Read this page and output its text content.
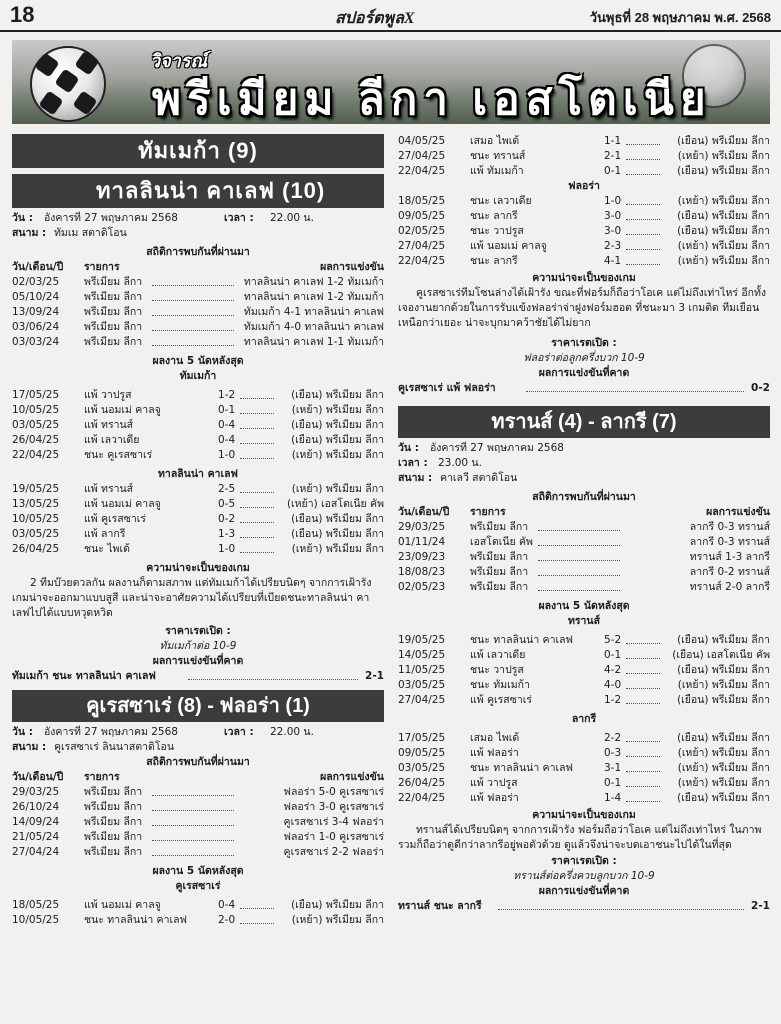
18	สปอร์ตพูลX	วันพุธที่ 28 พฤษภาคม พ.ศ. 2568
วิจารณ์
พรีเมียม ลีกา เอสโตเนีย
ทัมเมก้า (9)
ทาลลินน่า คาเลฟ (10)
วัน : อังคารที่ 27 พฤษภาคม 2568	เวลา : 22.00 น.
สนาม : ทัมเม สตาดิโอน
สถิติการพบกันที่ผ่านมา
วัน/เดือน/ปี รายการ	ผลการแข่งขัน
02/03/25 พรีเมียม ลีกา	ทาลลินน่า คาเลฟ 1-2 ทัมเมก้า
05/10/24 พรีเมียม ลีกา	ทาลลินน่า คาเลฟ 1-2 ทัมเมก้า
13/09/24 พรีเมียม ลีกา	ทัมเมก้า 4-1 ทาลลินน่า คาเลฟ
03/06/24 พรีเมียม ลีกา	ทัมเมก้า 4-0 ทาลลินน่า คาเลฟ
03/03/24 พรีเมียม ลีกา	ทาลลินน่า คาเลฟ 1-1 ทัมเมก้า
ผลงาน 5 นัดหลังสุด
ทัมเมก้า
17/05/25 แพ้ วาปรูส	1-2	(เยือน) พรีเมียม ลีกา
10/05/25 แพ้ นอมเม่ คาลจู	0-1	(เหย้า) พรีเมียม ลีกา
03/05/25 แพ้ ทรานส์	0-4	(เยือน) พรีเมียม ลีกา
26/04/25 แพ้ เลวาเดีย	0-4	(เยือน) พรีเมียม ลีกา
22/04/25 ชนะ คูเรสซาเร่	1-0	(เหย้า) พรีเมียม ลีกา
ทาลลินน่า คาเลฟ
19/05/25 แพ้ ทรานส์	2-5	(เหย้า) พรีเมียม ลีกา
13/05/25 แพ้ นอมเม่ คาลจู	0-5	(เหย้า) เอสโตเนีย คัพ
10/05/25 แพ้ คูเรสซาเร่	0-2	(เยือน) พรีเมียม ลีกา
03/05/25 แพ้ ลากรี	1-3	(เยือน) พรีเมียม ลีกา
26/04/25 ชนะ ไพเด้	1-0	(เหย้า) พรีเมียม ลีกา
ความน่าจะเป็นของเกม
2 ทีมบ๊วยตวลกัน ผลงานก็ตามสภาพ แต่ทัมเมก้าได้เปรียบนิดๆ จากการเฝ้ารัง เกมน่าจะออกมาแบบสูสี และน่าจะอาศัยความได้เปรียบที่เบียดชนะทาลลินน่า คาเลฟไปได้แบบหวุดหวิด
ราคาเรตเปิด :
ทัมเมก้าต่อ 10-9
ผลการแข่งขันที่คาด
ทัมเมก้า ชนะ ทาลลินน่า คาเลฟ	2-1
คูเรสซาเร่ (8) - ฟลอร่า (1)
วัน : อังคารที่ 27 พฤษภาคม 2568	เวลา : 22.00 น.
สนาม : คูเรสซาเร่ ลินนาสตาดิโอน
สถิติการพบกันที่ผ่านมา
วัน/เดือน/ปี รายการ	ผลการแข่งขัน
29/03/25 พรีเมียม ลีกา	ฟลอร่า 5-0 คูเรสซาเร่
26/10/24 พรีเมียม ลีกา	ฟลอร่า 3-0 คูเรสซาเร่
14/09/24 พรีเมียม ลีกา	คูเรสซาเร่ 3-4 ฟลอร่า
21/05/24 พรีเมียม ลีกา	ฟลอร่า 1-0 คูเรสซาเร่
27/04/24 พรีเมียม ลีกา	คูเรสซาเร่ 2-2 ฟลอร่า
ผลงาน 5 นัดหลังสุด
คูเรสซาเร่
18/05/25 แพ้ นอมเม่ คาลจู	0-4	(เยือน) พรีเมียม ลีกา
10/05/25 ชนะ ทาลลินน่า คาเลฟ	2-0	(เหย้า) พรีเมียม ลีกา
04/05/25 เสมอ ไพเด้	1-1	(เยือน) พรีเมียม ลีกา
27/04/25 ชนะ ทรานส์	2-1	(เหย้า) พรีเมียม ลีกา
22/04/25 แพ้ ทัมเมก้า	0-1	(เยือน) พรีเมียม ลีกา
ฟลอร่า
18/05/25 ชนะ เลวาเดีย	1-0	(เหย้า) พรีเมียม ลีกา
09/05/25 ชนะ ลากรี	3-0	(เยือน) พรีเมียม ลีกา
02/05/25 ชนะ วาปรูส	3-0	(เยือน) พรีเมียม ลีกา
27/04/25 แพ้ นอมเม่ คาลจู	2-3	(เหย้า) พรีเมียม ลีกา
22/04/25 ชนะ ลากรี	4-1	(เหย้า) พรีเมียม ลีกา
ความน่าจะเป็นของเกม
คูเรสซาเร่ทีมโซนล่างได้เฝ้ารัง ขณะที่ฟอร์มก็ถือว่าโอเค แต่ไม่ถึงเท่าไหร่ อีกทั้งเจองานยากด้วยในการรับแข้งฟลอร่าจ่าฝูงฟอร์มฮอต ที่ชนะมา 3 เกมติด ทีมเยือนเหนือกว่าเยอะ น่าจะบุกมาคว้าชัยได้ไม่ยาก
ราคาเรตเปิด :
ฟลอร่าต่อลูกครึ่งบวก 10-9
ผลการแข่งขันที่คาด
คูเรสซาเร่ แพ้ ฟลอร่า	0-2
ทรานส์ (4) - ลากรี (7)
วัน : อังคารที่ 27 พฤษภาคม 2568
เวลา : 23.00 น.
สนาม : คาเลวี สตาดิโอน
สถิติการพบกันที่ผ่านมา
วัน/เดือน/ปี รายการ	ผลการแข่งขัน
29/03/25 พรีเมียม ลีกา	ลากรี 0-3 ทรานส์
01/11/24 เอสโตเนีย คัพ	ลากรี 0-3 ทรานส์
23/09/23 พรีเมียม ลีกา	ทรานส์ 1-3 ลากรี
18/08/23 พรีเมียม ลีกา	ลากรี 0-2 ทรานส์
02/05/23 พรีเมียม ลีกา	ทรานส์ 2-0 ลากรี
ผลงาน 5 นัดหลังสุด
ทรานส์
19/05/25 ชนะ ทาลลินน่า คาเลฟ	5-2	(เยือน) พรีเมียม ลีกา
14/05/25 แพ้ เลวาเดีย	0-1	(เยือน) เอสโตเนีย คัพ
11/05/25 ชนะ วาปรูส	4-2	(เยือน) พรีเมียม ลีกา
03/05/25 ชนะ ทัมเมก้า	4-0	(เหย้า) พรีเมียม ลีกา
27/04/25 แพ้ คูเรสซาเร่	1-2	(เยือน) พรีเมียม ลีกา
ลากรี
17/05/25 เสมอ ไพเด้	2-2	(เยือน) พรีเมียม ลีกา
09/05/25 แพ้ ฟลอร่า	0-3	(เหย้า) พรีเมียม ลีกา
03/05/25 ชนะ ทาลลินน่า คาเลฟ	3-1	(เหย้า) พรีเมียม ลีกา
26/04/25 แพ้ วาปรูส	0-1	(เหย้า) พรีเมียม ลีกา
22/04/25 แพ้ ฟลอร่า	1-4	(เยือน) พรีเมียม ลีกา
ความน่าจะเป็นของเกม
ทรานส์ได้เปรียบนิดๆ จากการเฝ้ารัง ฟอร์มถือว่าโอเค แต่ไม่ถึงเท่าไหร่ ในภาพรวมก็ถือว่าดูดีกว่าลากรีอยู่พอตัวด้วย ดูแล้วจึงน่าจะบดเอาชนะไปได้ในที่สุด
ราคาเรตเปิด :
ทรานส์ต่อครึ่งควบลูกบวก 10-9
ผลการแข่งขันที่คาด
ทรานส์ ชนะ ลากรี	2-1
